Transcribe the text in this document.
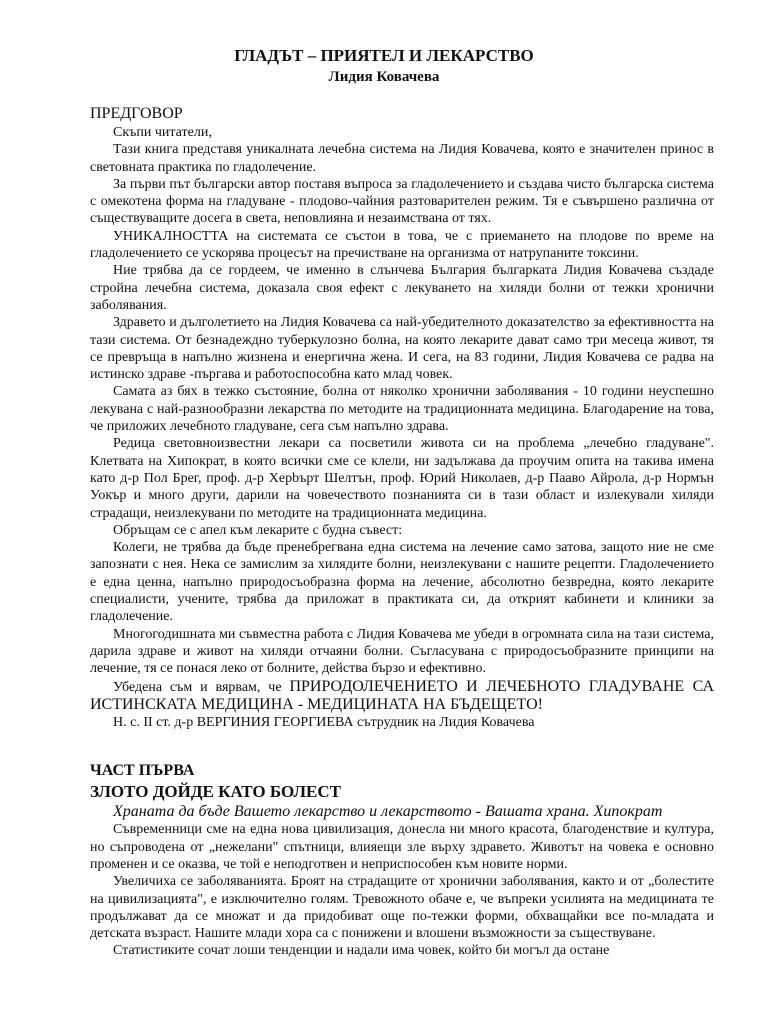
ГЛАДЪТ – ПРИЯТЕЛ И ЛЕКАРСТВО
Лидия Ковачева

ПРЕДГОВОР

Скъпи читатели,

Тази книга представя уникалната лечебна система на Лидия Ковачева, която е значителен принос в световната практика по гладолечение.

За първи път български автор поставя въпроса за гладолечението и създава чисто българска система с омекотена форма на гладуване - плодово-чайния разтоварителен режим. Тя е съвършено различна от съществуващите досега в света, неповлияна и незаимствана от тях.

УНИКАЛНОСТТА на системата се състои в това, че с приемането на плодове по време на гладолечението се ускорява процесът на пречистване на организма от натрупаните токсини.

Ние трябва да се гордеем, че именно в слънчева България българката Лидия Ковачева създаде стройна лечебна система, доказала своя ефект с лекуването на хиляди болни от тежки хронични заболявания.

Здравето и дълголетието на Лидия Ковачева са най-убедителното доказателство за ефективността на тази система. От безнадеждно туберкулозно болна, на която лекарите дават само три месеца живот, тя се превръща в напълно жизнена и енергична жена. И сега, на 83 години, Лидия Ковачева се радва на истинско здраве -пъргава и работоспособна като млад човек.

Самата аз бях в тежко състояние, болна от няколко хронични заболявания - 10 години неуспешно лекувана с най-разнообразни лекарства по методите на традиционната медицина. Благодарение на това, че приложих лечебното гладуване, сега съм напълно здрава.

Редица световноизвестни лекари са посветили живота си на проблема „лечебно гладуване". Клетвата на Хипократ, в която всички сме се клели, ни задължава да проучим опита на такива имена като д-р Пол Брег, проф. д-р Херbърт Шелтън, проф. Юрий Николаев, д-р Пааво Айрола, д-р Нормън Уокър и много други, дарили на човечеството познанията си в тази област и излекували хиляди страдащи, неизлекувани по методите на традиционната медицина.

Обръщам се с апел към лекарите с будна съвест:

Колеги, не трябва да бъде пренебрегвана една система на лечение само затова, защото ние не сме запознати с нея. Нека се замислим за хилядите болни, неизлекувани с нашите рецепти. Гладолечението е една ценна, напълно природосъобразна форма на лечение, абсолютно безвредна, която лекарите специалисти, учените, трябва да приложат в практиката си, да открият кабинети и клиники за гладолечение.

Многогодишната ми съвместна работа с Лидия Ковачева ме убеди в огромната сила на тази система, дарила здраве и живот на хиляди отчаяни болни. Съгласувана с природосъобразните принципи на лечение, тя се понася леко от болните, действа бързо и ефективно.

Убедена съм и вярвам, че ПРИРОДОЛЕЧЕНИЕТО И ЛЕЧЕБНОТО ГЛАДУВАНЕ СА ИСТИНСКАТА МЕДИЦИНА - МЕДИЦИНАТА НА БЪДЕЩЕТО!

Н. с. II ст. д-р ВЕРГИНИЯ ГЕОРГИЕВА сътрудник на Лидия Ковачева

ЧАСТ ПЪРВА

ЗЛОТО ДОЙДЕ КАТО БОЛЕСТ

Храната да бъде Вашето лекарство и лекарството - Вашата храна. Хипократ

Съвременници сме на една нова цивилизация, донесла ни много красота, благоденствие и култура, но съпроводена от „нежелани" спътници, влияещи зле върху здравето. Животът на човека е основно променен и се оказва, че той е неподготвен и неприспособен към новите норми.

Увеличиха се заболяванията. Броят на страдащите от хронични заболявания, както и от „болестите на цивилизацията", е изключително голям. Тревожното обаче е, че въпреки усилията на медицината те продължават да се множат и да придобиват още по-тежки форми, обхващайки все по-младата и детската възраст. Нашите млади хора са с понижени и влошени възможности за съществуване.

Статистиките сочат лоши тенденции и надали има човек, който би могъл да остане
